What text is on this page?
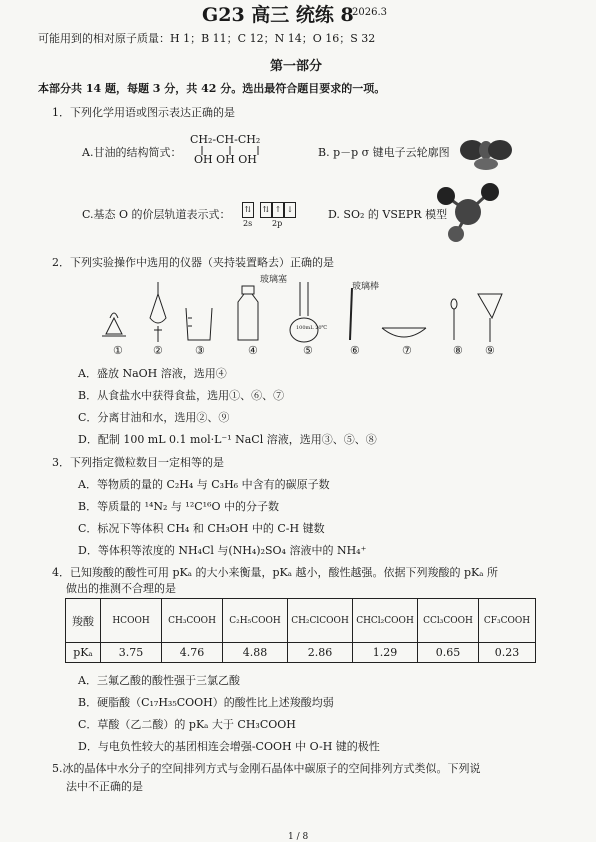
G23 高三 统练 8
2026.3
可能用到的相对原子质量：H 1；B 11；C 12；N 14；O 16；S 32
第一部分
本部分共 14 题，每题 3 分，共 42 分。选出最符合题目要求的一项。
1．下列化学用语或图示表达正确的是
A.甘油的结构简式：
CH₂-CH-CH₂
OH OH OH
B. p－p σ 键电子云轮廓图
C.基态 O 的价层轨道表示式：	⇅	⇅ ↑ ↓
2s 2p
D. SO₂ 的 VSEPR 模型
2．下列实验操作中选用的仪器（夹持装置略去）正确的是
玻璃塞
玻璃棒
100mL 20℃
①	②	③	④	⑤	⑥	⑦	⑧ ⑨
A．盛放 NaOH 溶液，选用④
B．从食盐水中获得食盐，选用①、⑥、⑦
C．分离甘油和水，选用②、⑨
D．配制 100 mL 0.1 mol·L⁻¹ NaCl 溶液，选用③、⑤、⑧
3．下列指定微粒数目一定相等的是
A．等物质的量的 C₂H₄ 与 C₃H₆ 中含有的碳原子数
B．等质量的 ¹⁴N₂ 与 ¹²C¹⁶O 中的分子数
C．标况下等体积 CH₄ 和 CH₃OH 中的 C-H 键数
D．等体积等浓度的 NH₄Cl 与(NH₄)₂SO₄ 溶液中的 NH₄⁺
4．已知羧酸的酸性可用 pKₐ 的大小来衡量，pKₐ 越小，酸性越强。依据下列羧酸的 pKₐ 所
做出的推测不合理的是
羧酸	HCOOH	CH₃COOH	C₂H₅COOH	CH₂ClCOOH	CHCl₂COOH	CCl₃COOH	CF₃COOH
pKₐ	3.75	4.76	4.88	2.86	1.29	0.65	0.23
A．三氟乙酸的酸性强于三氯乙酸
B．硬脂酸（C₁₇H₃₅COOH）的酸性比上述羧酸均弱
C．草酸（乙二酸）的 pKₐ 大于 CH₃COOH
D．与电负性较大的基团相连会增强-COOH 中 O-H 键的极性
5.冰的晶体中水分子的空间排列方式与金刚石晶体中碳原子的空间排列方式类似。下列说
法中不正确的是
1 / 8
